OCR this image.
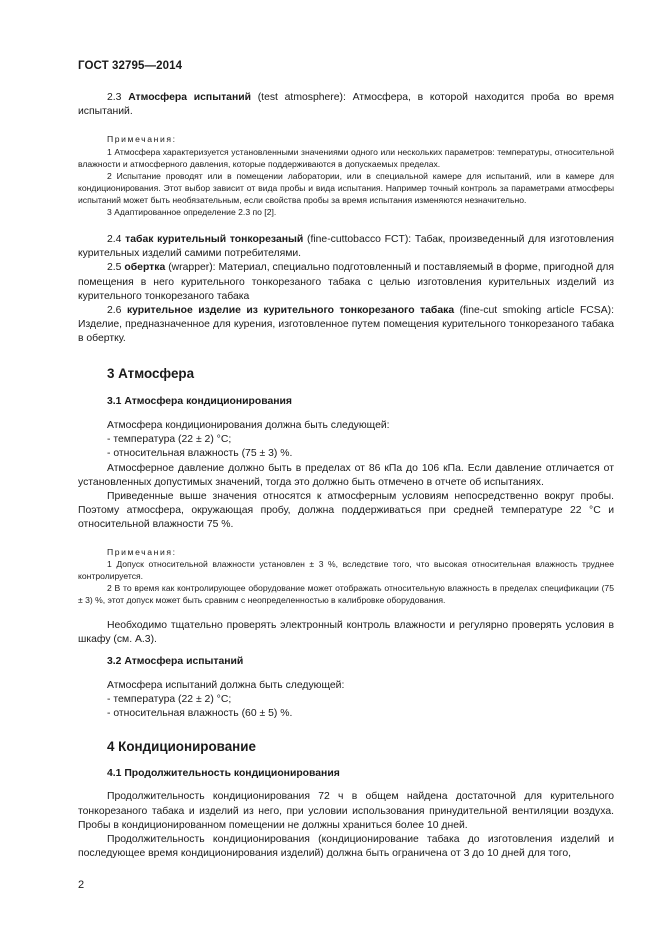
ГОСТ 32795—2014

2.3 Атмосфера испытаний (test atmosphere): Атмосфера, в которой находится проба во время испытаний.

Примечания:

1 Атмосфера характеризуется установленными значениями одного или нескольких параметров: температуры, относительной влажности и атмосферного давления, которые поддерживаются в допускаемых пределах.

2 Испытание проводят или в помещении лаборатории, или в специальной камере для испытаний, или в камере для кондиционирования. Этот выбор зависит от вида пробы и вида испытания. Например точный контроль за параметрами атмосферы испытаний может быть необязательным, если свойства пробы за время испытания изменяются незначительно.

3 Адаптированное определение 2.3 по [2].

2.4 табак курительный тонкорезаный (fine-cuttobacco FCT): Табак, произведенный для изготовления курительных изделий самими потребителями.

2.5 обертка (wrapper): Материал, специально подготовленный и поставляемый в форме, пригодной для помещения в него курительного тонкорезаного табака с целью изготовления курительных изделий из курительного тонкорезаного табака

2.6 курительное изделие из курительного тонкорезаного табака (fine-cut smoking article FCSA): Изделие, предназначенное для курения, изготовленное путем помещения курительного тонкорезаного табака в обертку.

3 Атмосфера
3.1 Атмосфера кондиционирования

Атмосфера кондиционирования должна быть следующей:

- температура (22 ± 2) °С;
- относительная влажность (75 ± 3) %.

Атмосферное давление должно быть в пределах от 86 кПа до 106 кПа. Если давление отличается от установленных допустимых значений, тогда это должно быть отмечено в отчете об испытаниях.

Приведенные выше значения относятся к атмосферным условиям непосредственно вокруг пробы. Поэтому атмосфера, окружающая пробу, должна поддерживаться при средней температуре 22 °С и относительной влажности 75 %.

Примечания:

1 Допуск относительной влажности установлен ± 3 %, вследствие того, что высокая относительная влажность труднее контролируется.

2 В то время как контролирующее оборудование может отображать относительную влажность в пределах спецификации (75 ± 3) %, этот допуск может быть сравним с неопределенностью в калибровке оборудования.

Необходимо тщательно проверять электронный контроль влажности и регулярно проверять условия в шкафу (см. А.3).

3.2 Атмосфера испытаний

Атмосфера испытаний должна быть следующей:

- температура (22 ± 2) °С;
- относительная влажность (60 ± 5) %.
4 Кондиционирование
4.1 Продолжительность кондиционирования

Продолжительность кондиционирования 72 ч в общем найдена достаточной для курительного тонкорезаного табака и изделий из него, при условии использования принудительной вентиляции воздуха. Пробы в кондиционированном помещении не должны храниться более 10 дней.

Продолжительность кондиционирования (кондиционирование табака до изготовления изделий и последующее время кондиционирования изделий) должна быть ограничена от 3 до 10 дней для того,

2
